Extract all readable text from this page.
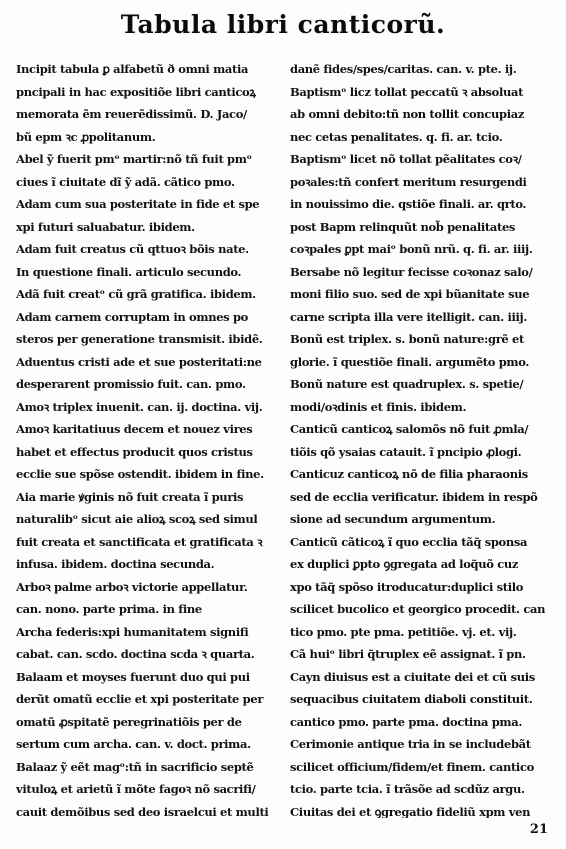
Tabula libri canticorũ.
Incipit tabula ꝑ alfabetũ ð omni matia
pncipali in hac expositiõe libri canticoꝝ
memorata ẽm reuerẽdissimũ. D. Jaco/
bũ epm ꝛc ꝓpolitanum.
Abel ỹ fuerit pmᵒ martir:nõ tñ fuit pmᵒ
ciues ĩ ciuitate dĩ ỹ adã. cãtico pmo.
Adam cum sua posteritate in fide et spe
xpi futuri saluabatur. ibidem.
Adam fuit creatus cũ qttuoꝛ bõis nate.
In questione finali. articulo secundo.
Adã fuit creatᵒ cũ grã gratifica. ibidem.
Adam carnem corruptam in omnes po
steros per generatione transmisit. ibidẽ.
Aduentus cristi ade et sue posteritati:ne
desperarent promissio fuit. can. pmo.
Amoꝛ triplex inuenit. can. ij. doctina. vij.
Amoꝛ karitatiuus decem et nouez vires
habet et effectus producit quos cristus
ecclie sue spõse ostendit. ibidem in fine.
Aia marie ꝟginis nõ fuit creata ĩ puris
naturalibᵒ sicut aie alioꝝ scoꝝ sed simul
fuit creata et sanctificata et gratificata ꝛ
infusa. ibidem. doctina secunda.
Arboꝛ palme arboꝛ victorie appellatur.
can. nono. parte prima. in fine
Archa federis:xpi humanitatem signifi
cabat. can. scdo. doctina scda ꝛ quarta.
Balaam et moyses fuerunt duo qui pui
derũt omatũ ecclie et xpi posteritate per
omatũ ꝓspitatẽ peregrinatiõis per de
sertum cum archa. can. v. doct. prima.
Balaaz ỹ eẽt magᵒ:tñ in sacrificio septẽ
vituloꝝ et arietũ ĩ mõte fagoꝛ nõ sacrifi/
cauit demõibus sed deo israelcui et multi
danẽ fides/spes/caritas. can. v. pte. ij.
Baptismᵒ licz tollat peccatũ ꝛ absoluat
ab omni debito:tñ non tollit concupiaz
nec cetas penalitates. q. fi. ar. tcio.
Baptismᵒ licet nõ tollat pẽalitates coꝛ/
poꝛales:tñ confert meritum resurgendi
in nouissimo die. qstiõe finali. ar. qrto.
post Bapm relinquũt nob̃ penalitates
coꝛpales ꝑpt maiᵒ bonũ nrũ. q. fi. ar. iiij.
Bersabe nõ legitur fecisse coꝛonaz salo/
moni filio suo. sed de xpi bũanitate sue
carne scripta illa vere itelligit. can. iiij.
Bonũ est triplex. s. bonũ nature:grẽ et
glorie. ĩ questiõe finali. argumẽto pmo.
Bonũ nature est quadruplex. s. spetie/
modi/oꝛdinis et finis. ibidem.
Canticũ canticoꝝ salomõs nõ fuit ꝓmla/
tiõis qõ ysaias catauit. ĩ pncipio ꝓlogi.
Canticuz canticoꝝ nõ de filia pharaonis
sed de ecclia verificatur. ibidem in respõ
sione ad secundum argumentum.
Canticũ cãticoꝝ ĩ quo ecclia tãq̃ sponsa
ex duplici ꝑpto ꝯgregata ad loq̃uõ cuz
xpo tãq̃ spõso itroducatur:duplici stilo
scilicet bucolico et georgico procedit. can
tico pmo. pte pma. petitiõe. vj. et. vij.
Cã huiᵒ libri q̃truplex eẽ assignat. ĩ pn.
Cayn diuisus est a ciuitate dei et cũ suis
sequacibus ciuitatem diaboli constituit.
cantico pmo. parte pma. doctina pma.
Cerimonie antique tria in se includebãt
scilicet officium/fidem/et finem. cantico
tcio. parte tcia. ĩ trãsõe ad scdũz argu.
Ciuitas dei et ꝯgregatio fideliũ xpm ven
21
